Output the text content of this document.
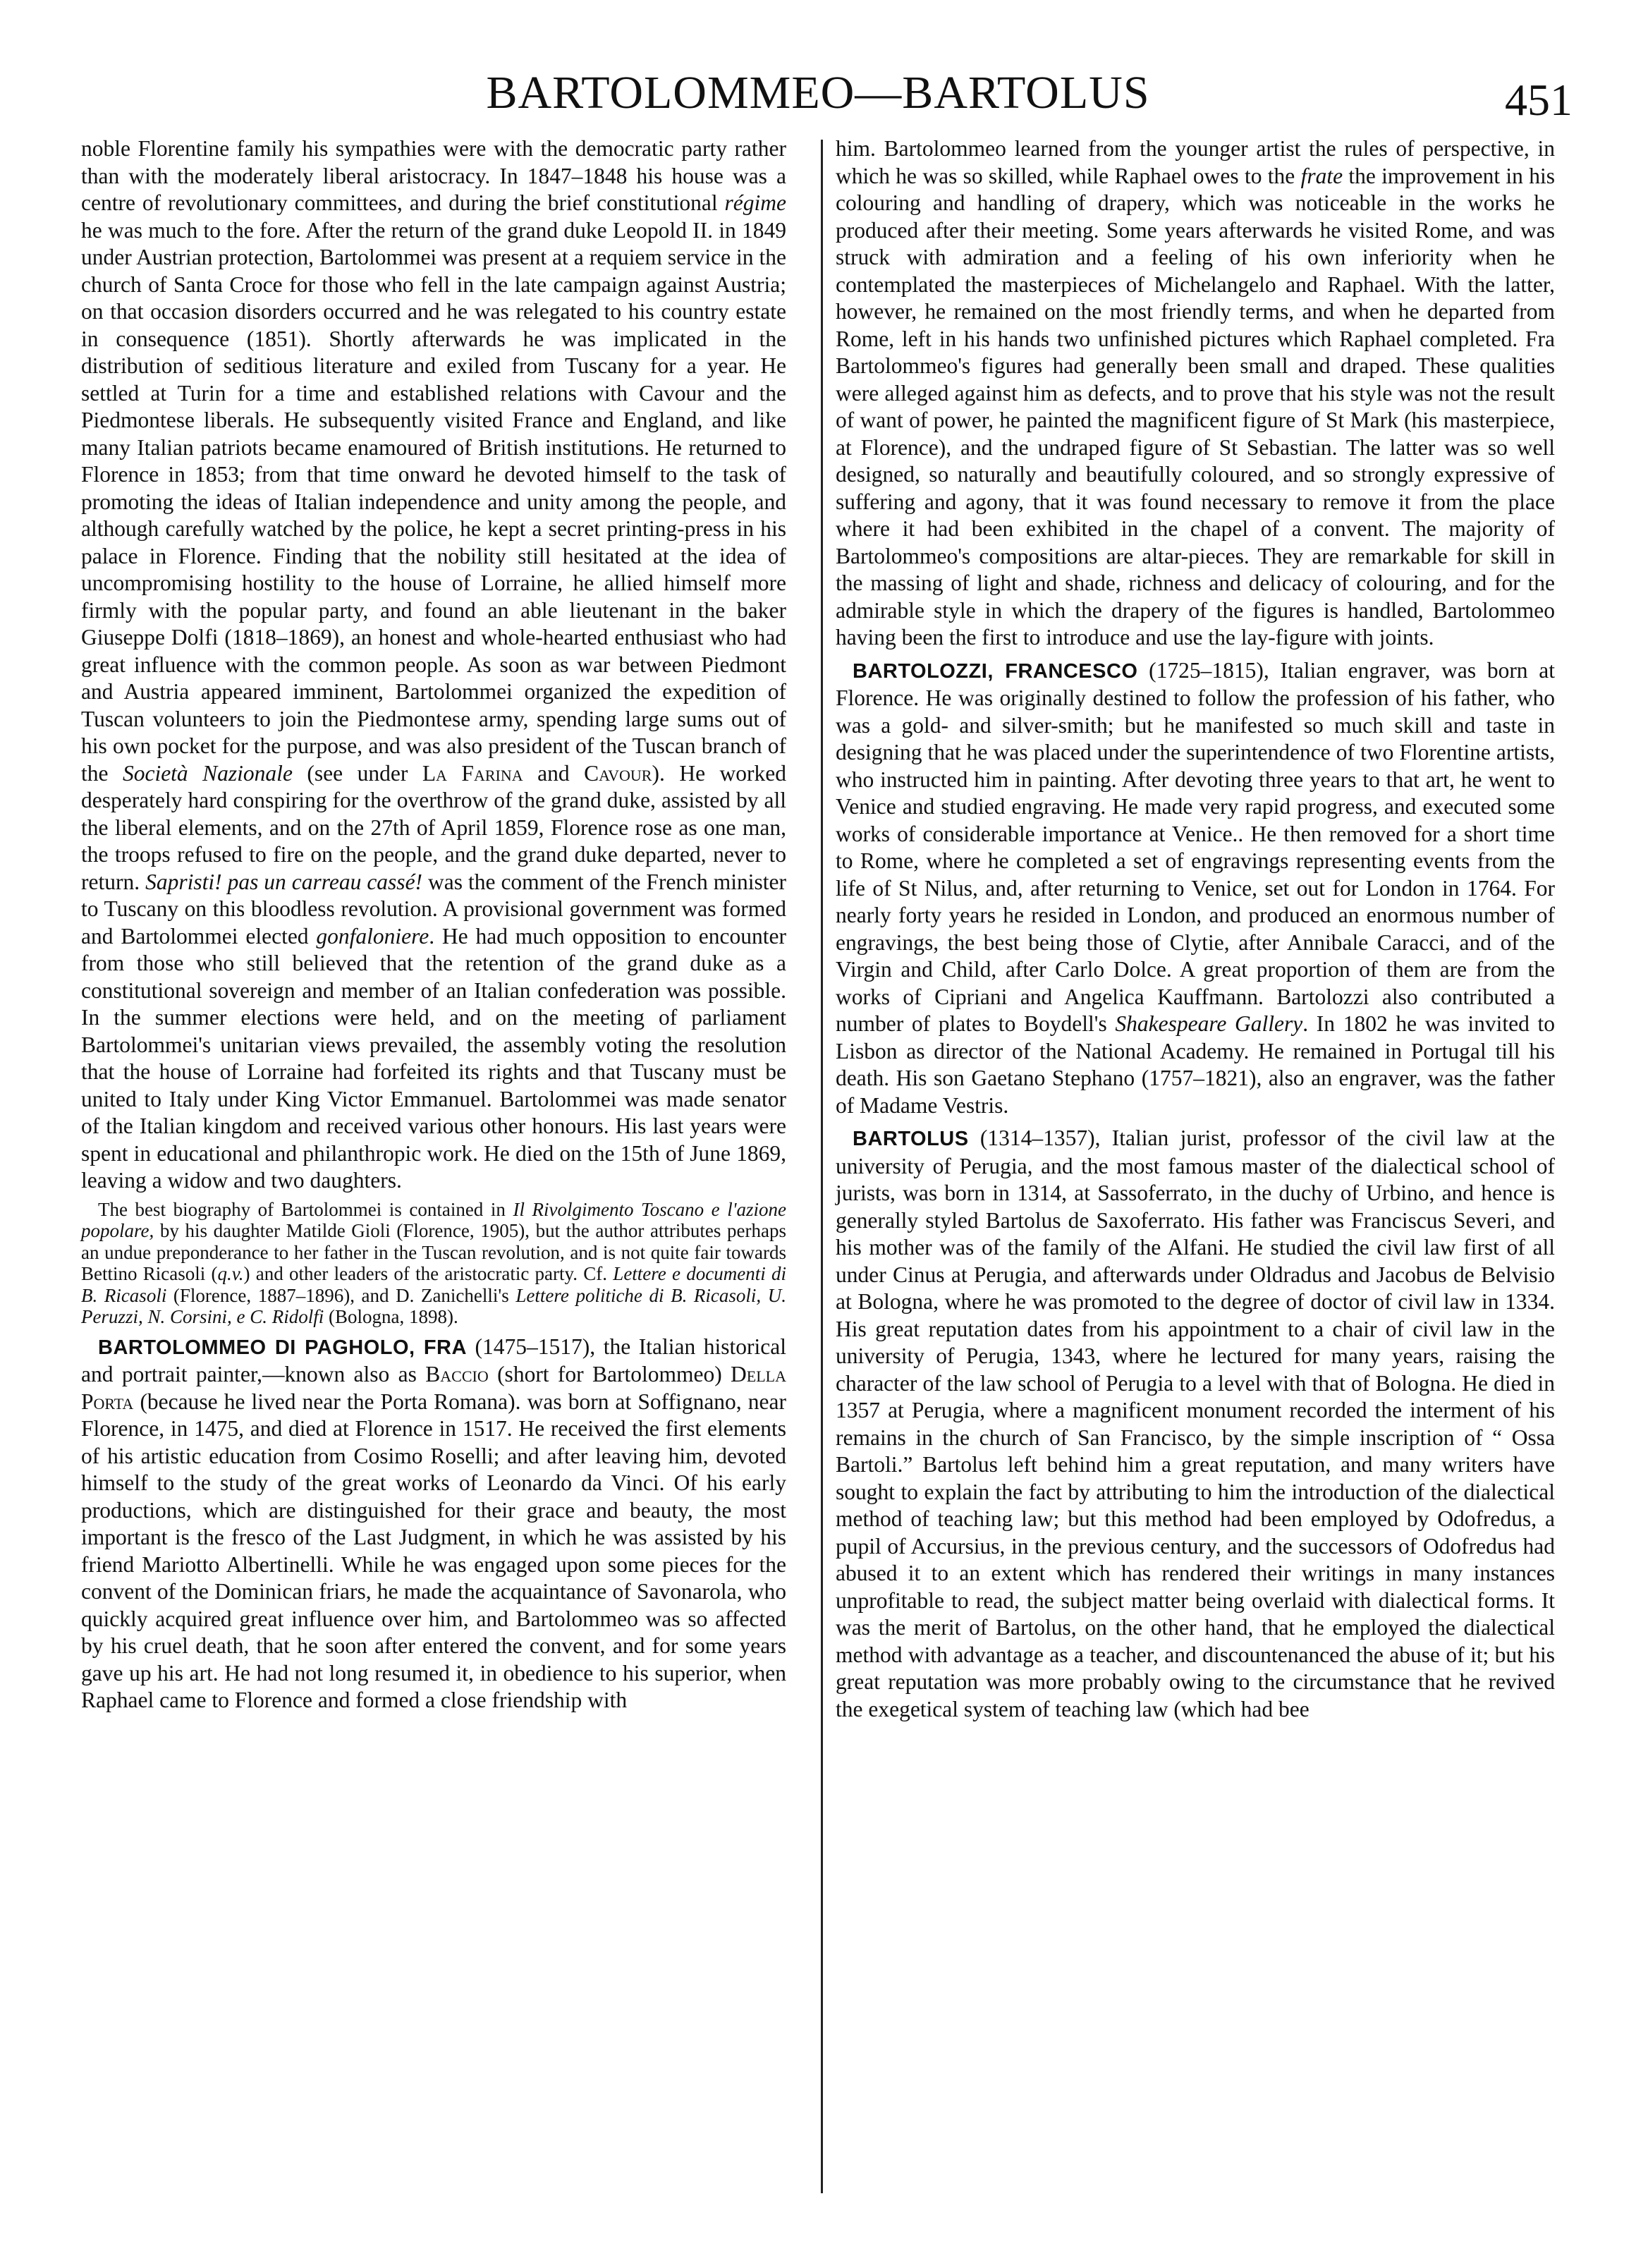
BARTOLOMMEO—BARTOLUS	451

noble Florentine family his sympathies were with the democratic party rather than with the moderately liberal aristocracy. In 1847–1848 his house was a centre of revolutionary committees, and during the brief constitutional régime he was much to the fore. After the return of the grand duke Leopold II. in 1849 under Austrian protection, Bartolommei was present at a requiem service in the church of Santa Croce for those who fell in the late campaign against Austria; on that occasion disorders occurred and he was relegated to his country estate in consequence (1851). Shortly afterwards he was implicated in the distribution of seditious literature and exiled from Tuscany for a year. He settled at Turin for a time and established relations with Cavour and the Piedmontese liberals. He subsequently visited France and England, and like many Italian patriots became enamoured of British institutions. He returned to Florence in 1853; from that time onward he devoted himself to the task of promoting the ideas of Italian independence and unity among the people, and although carefully watched by the police, he kept a secret printing-press in his palace in Florence. Finding that the nobility still hesitated at the idea of uncompromising hostility to the house of Lorraine, he allied himself more firmly with the popular party, and found an able lieutenant in the baker Giuseppe Dolfi (1818–1869), an honest and whole-hearted enthusiast who had great influence with the common people. As soon as war between Piedmont and Austria appeared imminent, Bartolommei organized the expedition of Tuscan volunteers to join the Piedmontese army, spending large sums out of his own pocket for the purpose, and was also president of the Tuscan branch of the Società Nazionale (see under La Farina and Cavour). He worked desperately hard conspiring for the overthrow of the grand duke, assisted by all the liberal elements, and on the 27th of April 1859, Florence rose as one man, the troops refused to fire on the people, and the grand duke departed, never to return. Sapristi! pas un carreau cassé! was the comment of the French minister to Tuscany on this bloodless revolution. A provisional government was formed and Bartolommei elected gonfaloniere. He had much opposition to encounter from those who still believed that the retention of the grand duke as a constitutional sovereign and member of an Italian confederation was possible. In the summer elections were held, and on the meeting of parliament Bartolommei's unitarian views prevailed, the assembly voting the resolution that the house of Lorraine had forfeited its rights and that Tuscany must be united to Italy under King Victor Emmanuel. Bartolommei was made senator of the Italian kingdom and received various other honours. His last years were spent in educational and philanthropic work. He died on the 15th of June 1869, leaving a widow and two daughters.

The best biography of Bartolommei is contained in Il Rivolgimento Toscano e l'azione popolare, by his daughter Matilde Gioli (Florence, 1905), but the author attributes perhaps an undue preponderance to her father in the Tuscan revolution, and is not quite fair towards Bettino Ricasoli (q.v.) and other leaders of the aristocratic party. Cf. Lettere e documenti di B. Ricasoli (Florence, 1887–1896), and D. Zanichelli's Lettere politiche di B. Ricasoli, U. Peruzzi, N. Corsini, e C. Ridolfi (Bologna, 1898).

BARTOLOMMEO DI PAGHOLO, FRA (1475–1517), the Italian historical and portrait painter,—known also as Baccio (short for Bartolommeo) Della Porta (because he lived near the Porta Romana). was born at Soffignano, near Florence, in 1475, and died at Florence in 1517. He received the first elements of his artistic education from Cosimo Roselli; and after leaving him, devoted himself to the study of the great works of Leonardo da Vinci. Of his early productions, which are distinguished for their grace and beauty, the most important is the fresco of the Last Judgment, in which he was assisted by his friend Mariotto Albertinelli. While he was engaged upon some pieces for the convent of the Dominican friars, he made the acquaintance of Savonarola, who quickly acquired great influence over him, and Bartolommeo was so affected by his cruel death, that he soon after entered the convent, and for some years gave up his art. He had not long resumed it, in obedience to his superior, when Raphael came to Florence and formed a close friendship with

him. Bartolommeo learned from the younger artist the rules of perspective, in which he was so skilled, while Raphael owes to the frate the improvement in his colouring and handling of drapery, which was noticeable in the works he produced after their meeting. Some years afterwards he visited Rome, and was struck with admiration and a feeling of his own inferiority when he contemplated the masterpieces of Michelangelo and Raphael. With the latter, however, he remained on the most friendly terms, and when he departed from Rome, left in his hands two unfinished pictures which Raphael completed. Fra Bartolommeo's figures had generally been small and draped. These qualities were alleged against him as defects, and to prove that his style was not the result of want of power, he painted the magnificent figure of St Mark (his masterpiece, at Florence), and the undraped figure of St Sebastian. The latter was so well designed, so naturally and beautifully coloured, and so strongly expressive of suffering and agony, that it was found necessary to remove it from the place where it had been exhibited in the chapel of a convent. The majority of Bartolommeo's compositions are altar-pieces. They are remarkable for skill in the massing of light and shade, richness and delicacy of colouring, and for the admirable style in which the drapery of the figures is handled, Bartolommeo having been the first to introduce and use the lay-figure with joints.

BARTOLOZZI, FRANCESCO (1725–1815), Italian engraver, was born at Florence. He was originally destined to follow the profession of his father, who was a gold- and silver-smith; but he manifested so much skill and taste in designing that he was placed under the superintendence of two Florentine artists, who instructed him in painting. After devoting three years to that art, he went to Venice and studied engraving. He made very rapid progress, and executed some works of considerable importance at Venice.. He then removed for a short time to Rome, where he completed a set of engravings representing events from the life of St Nilus, and, after returning to Venice, set out for London in 1764. For nearly forty years he resided in London, and produced an enormous number of engravings, the best being those of Clytie, after Annibale Caracci, and of the Virgin and Child, after Carlo Dolce. A great proportion of them are from the works of Cipriani and Angelica Kauffmann. Bartolozzi also contributed a number of plates to Boydell's Shakespeare Gallery. In 1802 he was invited to Lisbon as director of the National Academy. He remained in Portugal till his death. His son Gaetano Stephano (1757–1821), also an engraver, was the father of Madame Vestris.

BARTOLUS (1314–1357), Italian jurist, professor of the civil law at the university of Perugia, and the most famous master of the dialectical school of jurists, was born in 1314, at Sassoferrato, in the duchy of Urbino, and hence is generally styled Bartolus de Saxoferrato. His father was Franciscus Severi, and his mother was of the family of the Alfani. He studied the civil law first of all under Cinus at Perugia, and afterwards under Oldradus and Jacobus de Belvisio at Bologna, where he was promoted to the degree of doctor of civil law in 1334. His great reputation dates from his appointment to a chair of civil law in the university of Perugia, 1343, where he lectured for many years, raising the character of the law school of Perugia to a level with that of Bologna. He died in 1357 at Perugia, where a magnificent monument recorded the interment of his remains in the church of San Francisco, by the simple inscription of “ Ossa Bartoli.” Bartolus left behind him a great reputation, and many writers have sought to explain the fact by attributing to him the introduction of the dialectical method of teaching law; but this method had been employed by Odofredus, a pupil of Accursius, in the previous century, and the successors of Odofredus had abused it to an extent which has rendered their writings in many instances unprofitable to read, the subject matter being overlaid with dialectical forms. It was the merit of Bartolus, on the other hand, that he employed the dialectical method with advantage as a teacher, and discountenanced the abuse of it; but his great reputation was more probably owing to the circumstance that he revived the exegetical system of teaching law (which had bee
